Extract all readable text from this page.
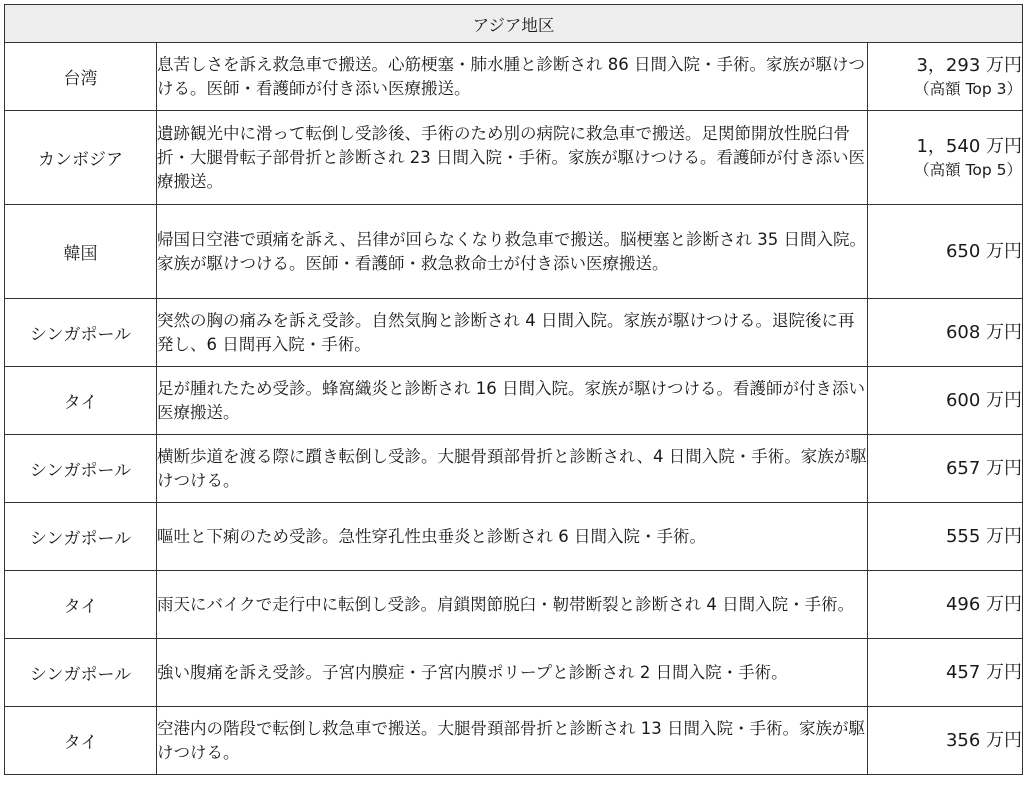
アジア地区		
台湾	息苦しさを訴え救急車で搬送。心筋梗塞・肺水腫と診断され 86 日間入院・手術。家族が駆けつける。医師・看護師が付き添い医療搬送。	3，293 万円
（高額 Top 3）

カンボジア	遺跡観光中に滑って転倒し受診後、手術のため別の病院に救急車で搬送。足関節開放性脱臼骨折・大腿骨転子部骨折と診断され 23 日間入院・手術。家族が駆けつける。看護師が付き添い医療搬送。	1，540 万円
（高額 Top 5）

韓国	帰国日空港で頭痛を訴え、呂律が回らなくなり救急車で搬送。脳梗塞と診断され 35 日間入院。家族が駆けつける。医師・看護師・救急救命士が付き添い医療搬送。	650 万円
シンガポール	突然の胸の痛みを訴え受診。自然気胸と診断され 4 日間入院。家族が駆けつける。退院後に再発し、6 日間再入院・手術。	608 万円
タイ	足が腫れたため受診。蜂窩織炎と診断され 16 日間入院。家族が駆けつける。看護師が付き添い医療搬送。	600 万円
シンガポール	横断歩道を渡る際に躓き転倒し受診。大腿骨頚部骨折と診断され、4 日間入院・手術。家族が駆けつける。	657 万円
シンガポール	嘔吐と下痢のため受診。急性穿孔性虫垂炎と診断され 6 日間入院・手術。	555 万円
タイ	雨天にバイクで走行中に転倒し受診。肩鎖関節脱臼・靭帯断裂と診断され 4 日間入院・手術。	496 万円
シンガポール	強い腹痛を訴え受診。子宮内膜症・子宮内膜ポリープと診断され 2 日間入院・手術。	457 万円
タイ	空港内の階段で転倒し救急車で搬送。大腿骨頚部骨折と診断され 13 日間入院・手術。家族が駆けつける。	356 万円
